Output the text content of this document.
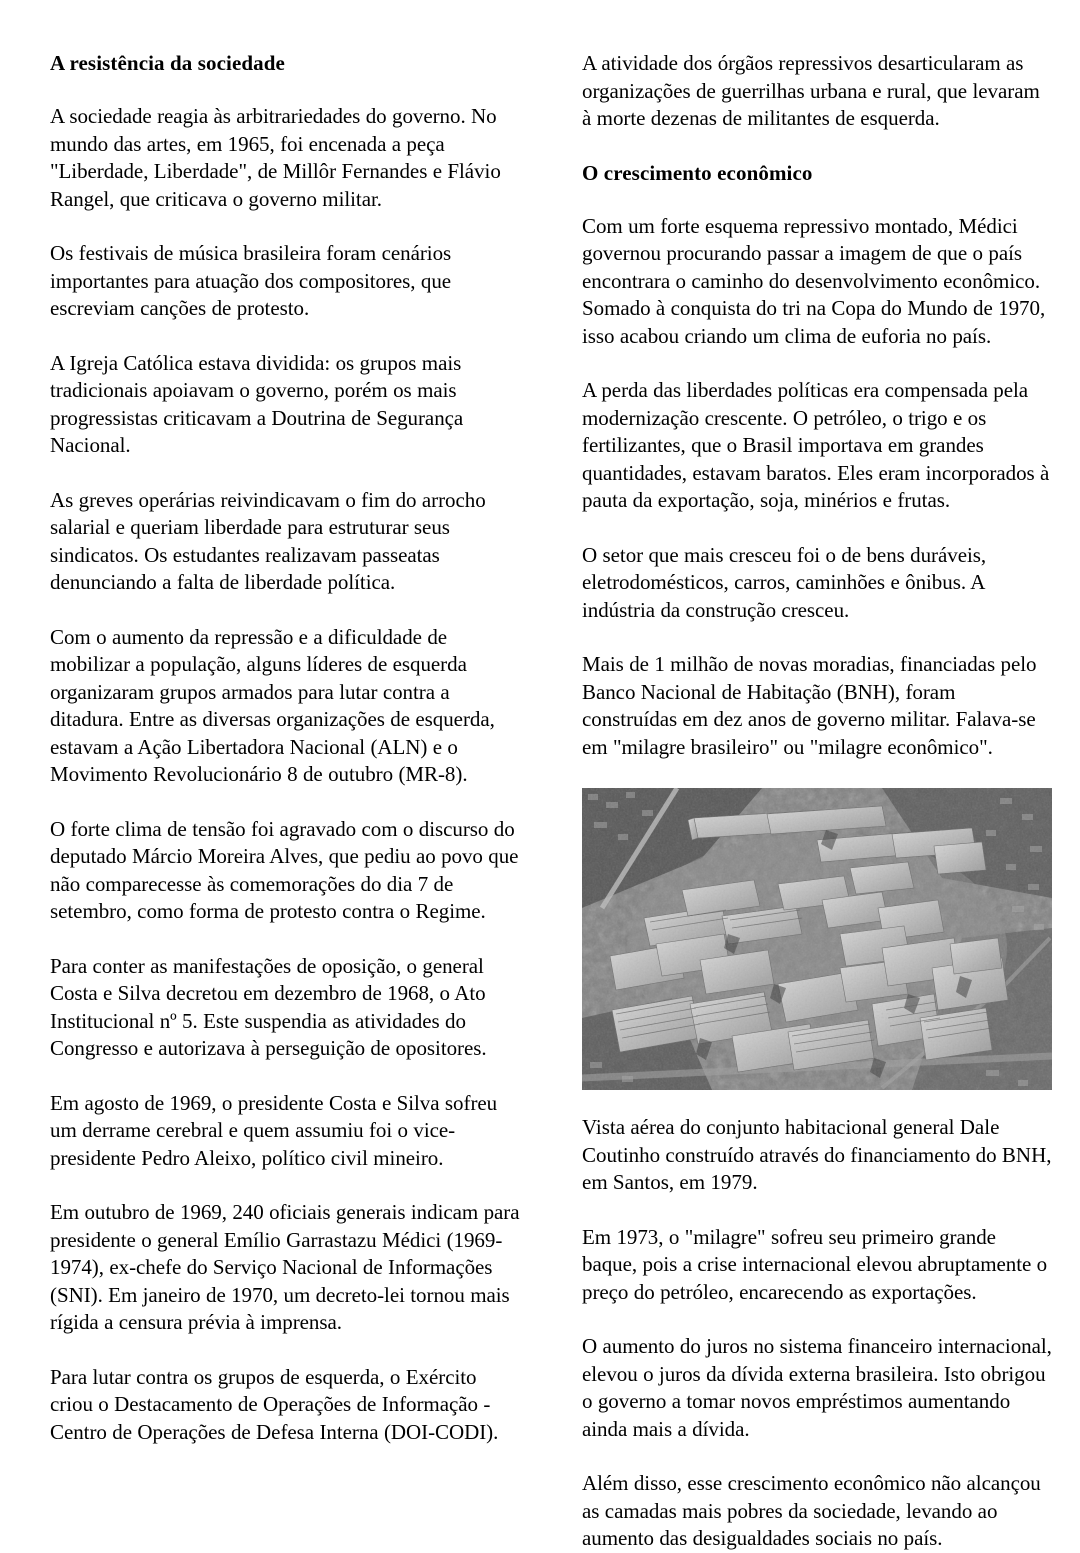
A resistência da sociedade

A sociedade reagia às arbitrariedades do governo. No mundo das artes, em 1965, foi encenada a peça "Liberdade, Liberdade", de Millôr Fernandes e Flávio Rangel, que criticava o governo militar.

Os festivais de música brasileira foram cenários importantes para atuação dos compositores, que escreviam canções de protesto.

A Igreja Católica estava dividida: os grupos mais tradicionais apoiavam o governo, porém os mais progressistas criticavam a Doutrina de Segurança Nacional.

As greves operárias reivindicavam o fim do arrocho salarial e queriam liberdade para estruturar seus sindicatos. Os estudantes realizavam passeatas denunciando a falta de liberdade política.

Com o aumento da repressão e a dificuldade de mobilizar a população, alguns líderes de esquerda organizaram grupos armados para lutar contra a ditadura. Entre as diversas organizações de esquerda, estavam a Ação Libertadora Nacional (ALN) e o Movimento Revolucionário 8 de outubro (MR-8).

O forte clima de tensão foi agravado com o discurso do deputado Márcio Moreira Alves, que pediu ao povo que não comparecesse às comemorações do dia 7 de setembro, como forma de protesto contra o Regime.

Para conter as manifestações de oposição, o general Costa e Silva decretou em dezembro de 1968, o Ato Institucional nº 5. Este suspendia as atividades do Congresso e autorizava à perseguição de opositores.

Em agosto de 1969, o presidente Costa e Silva sofreu um derrame cerebral e quem assumiu foi o vice-presidente Pedro Aleixo, político civil mineiro.

Em outubro de 1969, 240 oficiais generais indicam para presidente o general Emílio Garrastazu Médici (1969-1974), ex-chefe do Serviço Nacional de Informações (SNI). Em janeiro de 1970, um decreto-lei tornou mais rígida a censura prévia à imprensa.

Para lutar contra os grupos de esquerda, o Exército criou o Destacamento de Operações de Informação - Centro de Operações de Defesa Interna (DOI-CODI).

A atividade dos órgãos repressivos desarticularam as organizações de guerrilhas urbana e rural, que levaram à morte dezenas de militantes de esquerda.

O crescimento econômico

Com um forte esquema repressivo montado, Médici governou procurando passar a imagem de que o país encontrara o caminho do desenvolvimento econômico. Somado à conquista do tri na Copa do Mundo de 1970, isso acabou criando um clima de euforia no país.

A perda das liberdades políticas era compensada pela modernização crescente. O petróleo, o trigo e os fertilizantes, que o Brasil importava em grandes quantidades, estavam baratos. Eles eram incorporados à pauta da exportação, soja, minérios e frutas.

O setor que mais cresceu foi o de bens duráveis, eletrodomésticos, carros, caminhões e ônibus. A indústria da construção cresceu.

Mais de 1 milhão de novas moradias, financiadas pelo Banco Nacional de Habitação (BNH), foram construídas em dez anos de governo militar. Falava-se em "milagre brasileiro" ou "milagre econômico".

Vista aérea do conjunto habitacional general Dale Coutinho construído através do financiamento do BNH, em Santos, em 1979.

Em 1973, o "milagre" sofreu seu primeiro grande baque, pois a crise internacional elevou abruptamente o preço do petróleo, encarecendo as exportações.

O aumento do juros no sistema financeiro internacional, elevou o juros da dívida externa brasileira. Isto obrigou o governo a tomar novos empréstimos aumentando ainda mais a dívida.

Além disso, esse crescimento econômico não alcançou as camadas mais pobres da sociedade, levando ao aumento das desigualdades sociais no país.
